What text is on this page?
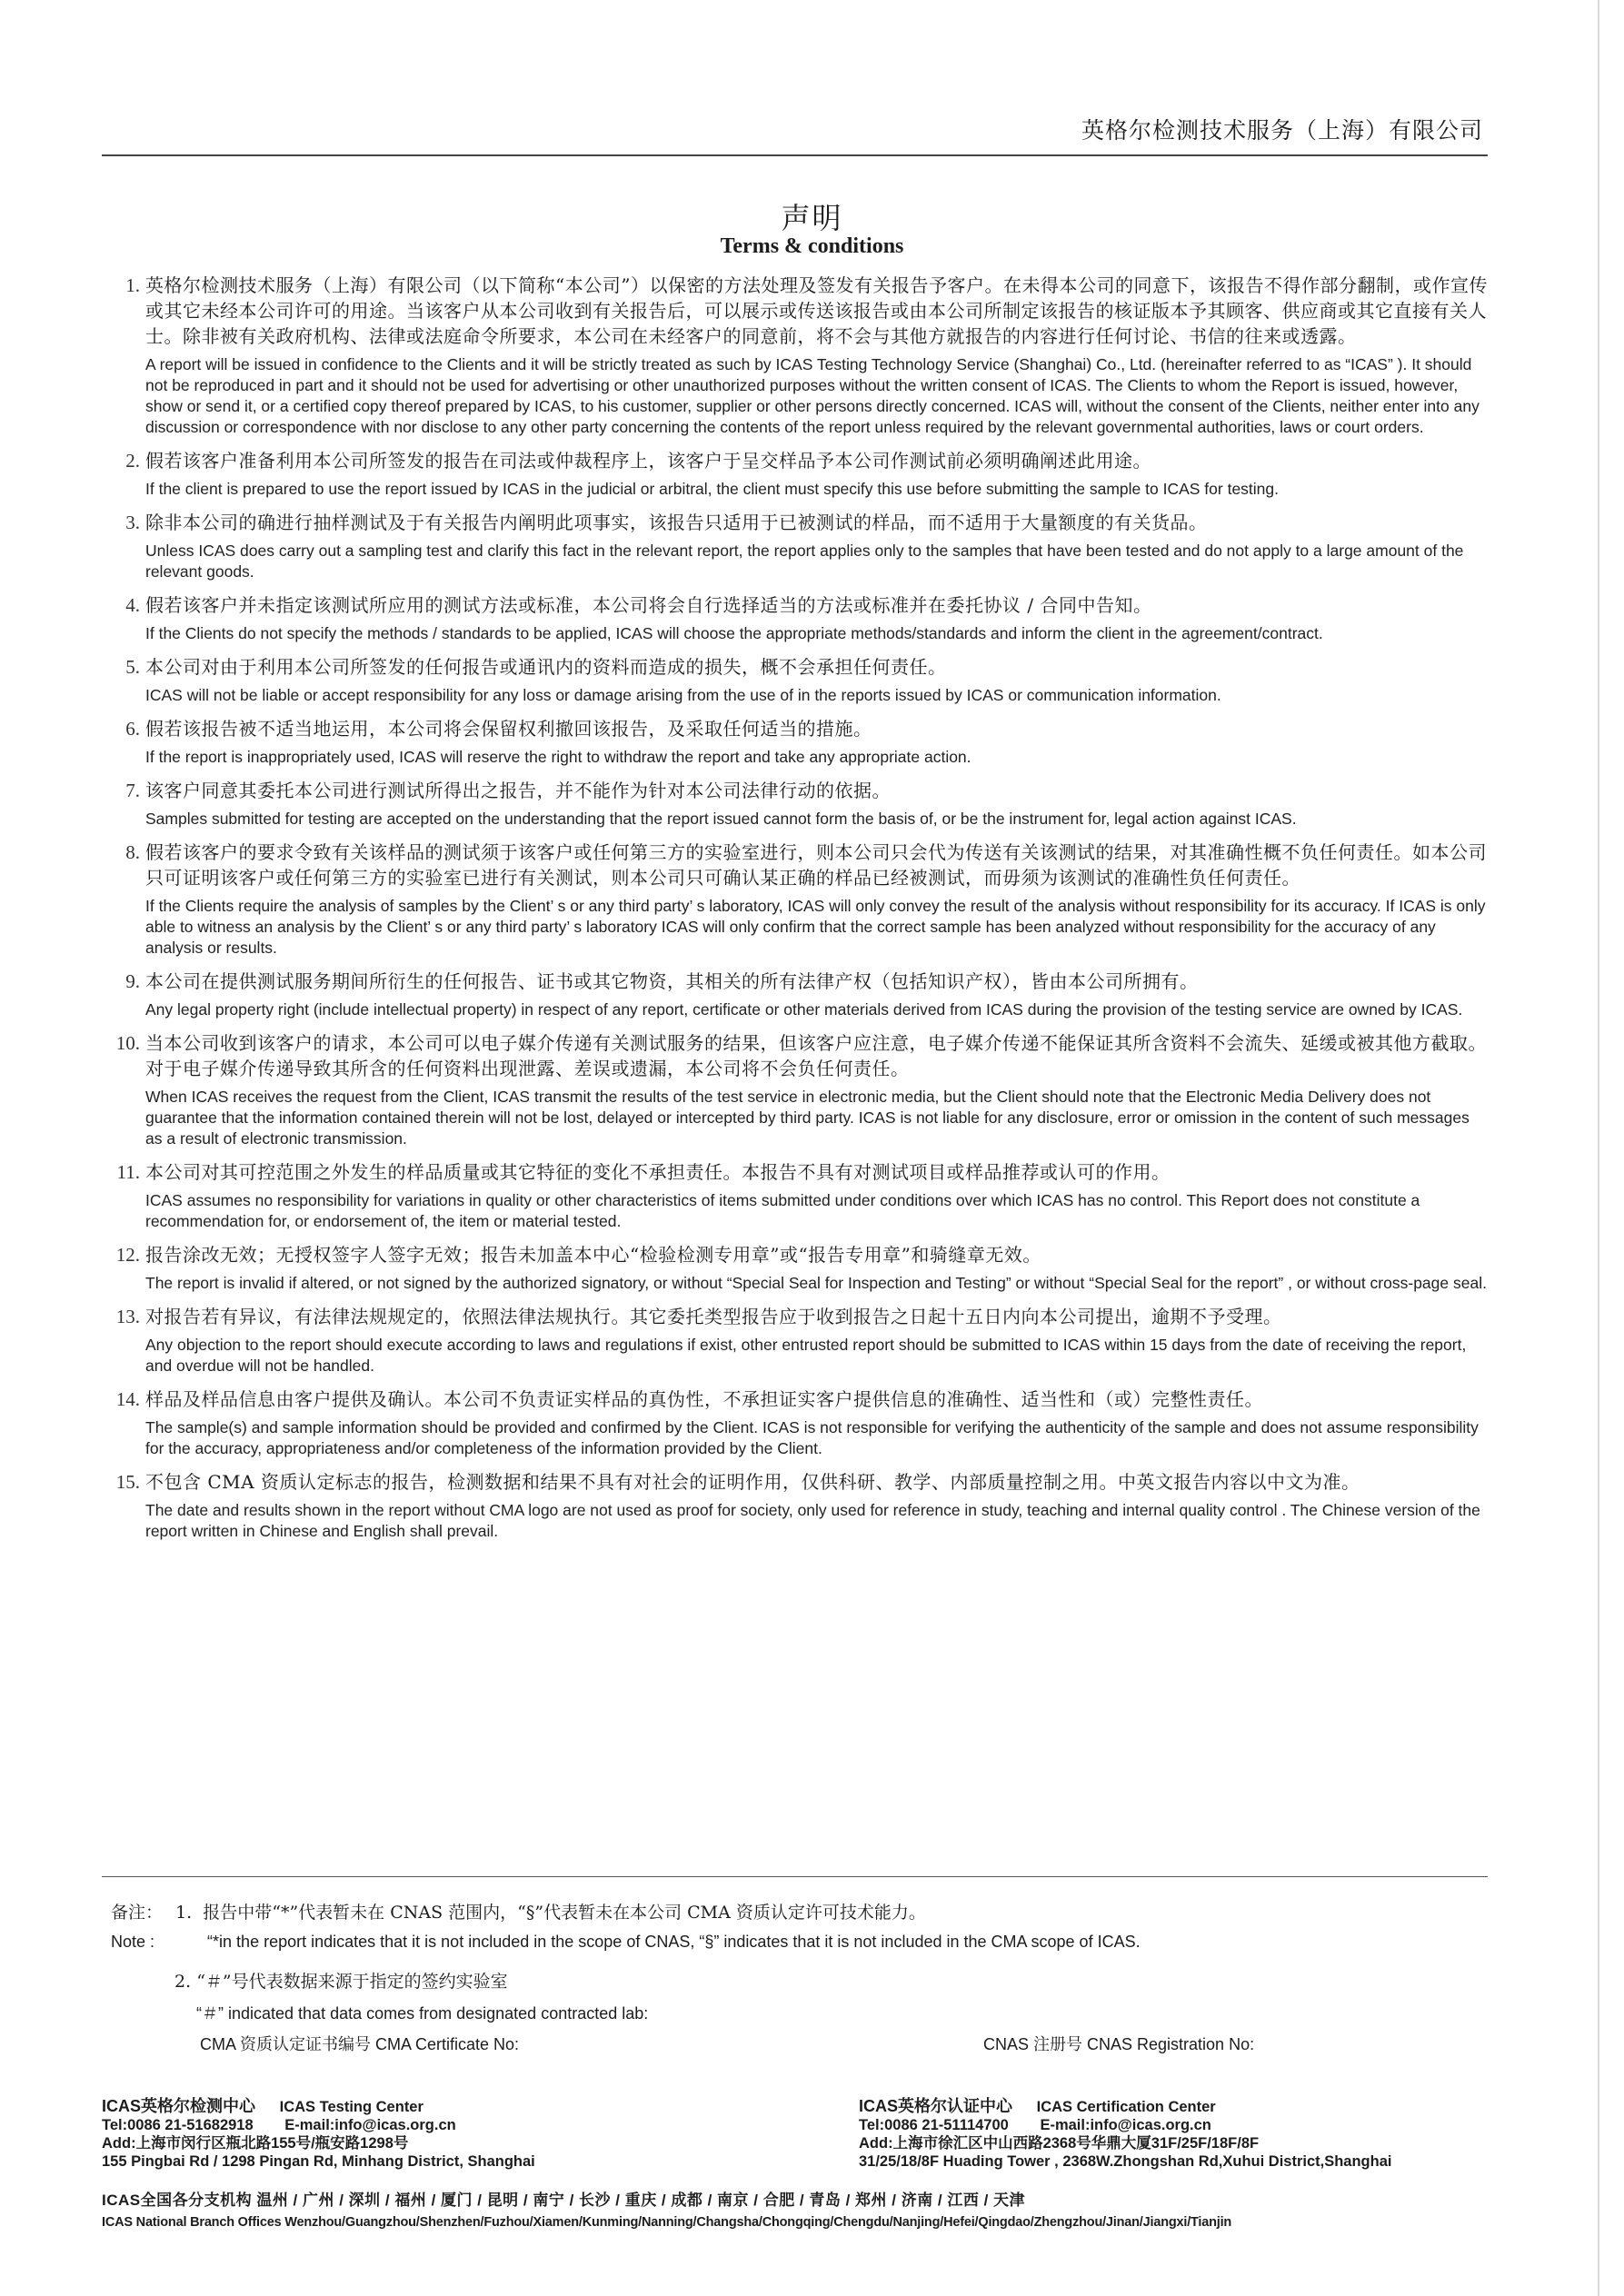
英格尔检测技术服务（上海）有限公司
声明
Terms & conditions
1. 英格尔检测技术服务（上海）有限公司（以下简称“本公司”）以保密的方法处理及签发有关报告予客户。在未得本公司的同意下，该报告不得作部分翻制，或作宣传或其它未经本公司许可的用途。当该客户从本公司收到有关报告后，可以展示或传送该报告或由本公司所制定该报告的核证版本予其顾客、供应商或其它直接有关人士。除非被有关政府机构、法律或法庭命令所要求，本公司在未经客户的同意前，将不会与其他方就报告的内容进行任何讨论、书信的往来或透露。
A report will be issued in confidence to the Clients and it will be strictly treated as such by ICAS Testing Technology Service (Shanghai) Co., Ltd. (hereinafter referred to as “ICAS” ). It should not be reproduced in part and it should not be used for advertising or other unauthorized purposes without the written consent of ICAS. The Clients to whom the Report is issued, however, show or send it, or a certified copy thereof prepared by ICAS, to his customer, supplier or other persons directly concerned. ICAS will, without the consent of the Clients, neither enter into any discussion or correspondence with nor disclose to any other party concerning the contents of the report unless required by the relevant governmental authorities, laws or court orders.
2. 假若该客户准备利用本公司所签发的报告在司法或仲裁程序上，该客户于呈交样品予本公司作测试前必须明确阐述此用途。
If the client is prepared to use the report issued by ICAS in the judicial or arbitral, the client must specify this use before submitting the sample to ICAS for testing.
3. 除非本公司的确进行抽样测试及于有关报告内阐明此项事实，该报告只适用于已被测试的样品，而不适用于大量额度的有关货品。
Unless ICAS does carry out a sampling test and clarify this fact in the relevant report, the report applies only to the samples that have been tested and do not apply to a large amount of the relevant goods.
4. 假若该客户并未指定该测试所应用的测试方法或标准，本公司将会自行选择适当的方法或标准并在委托协议 / 合同中告知。
If the Clients do not specify the methods / standards to be applied, ICAS will choose the appropriate methods/standards and inform the client in the agreement/contract.
5. 本公司对由于利用本公司所签发的任何报告或通讯内的资料而造成的损失，概不会承担任何责任。
ICAS will not be liable or accept responsibility for any loss or damage arising from the use of in the reports issued by ICAS or communication information.
6. 假若该报告被不适当地运用，本公司将会保留权利撤回该报告，及采取任何适当的措施。
If the report is inappropriately used, ICAS will reserve the right to withdraw the report and take any appropriate action.
7. 该客户同意其委托本公司进行测试所得出之报告，并不能作为针对本公司法律行动的依据。
Samples submitted for testing are accepted on the understanding that the report issued cannot form the basis of, or be the instrument for, legal action against ICAS.
8. 假若该客户的要求令致有关该样品的测试须于该客户或任何第三方的实验室进行，则本公司只会代为传送有关该测试的结果，对其准确性概不负任何责任。如本公司只可证明该客户或任何第三方的实验室已进行有关测试，则本公司只可确认某正确的样品已经被测试，而毋须为该测试的准确性负任何责任。
If the Clients require the analysis of samples by the Client’ s or any third party’ s laboratory, ICAS will only convey the result of the analysis without responsibility for its accuracy. If ICAS is only able to witness an analysis by the Client’ s or any third party’ s laboratory ICAS will only confirm that the correct sample has been analyzed without responsibility for the accuracy of any analysis or results.
9. 本公司在提供测试服务期间所衍生的任何报告、证书或其它物资，其相关的所有法律产权（包括知识产权），皆由本公司所拥有。
Any legal property right (include intellectual property) in respect of any report, certificate or other materials derived from ICAS during the provision of the testing service are owned by ICAS.
10. 当本公司收到该客户的请求，本公司可以电子媒介传递有关测试服务的结果，但该客户应注意，电子媒介传递不能保证其所含资料不会流失、延缓或被其他方截取。对于电子媒介传递导致其所含的任何资料出现泄露、差误或遗漏，本公司将不会负任何责任。
When ICAS receives the request from the Client, ICAS transmit the results of the test service in electronic media, but the Client should note that the Electronic Media Delivery does not guarantee that the information contained therein will not be lost, delayed or intercepted by third party. ICAS is not liable for any disclosure, error or omission in the content of such messages as a result of electronic transmission.
11. 本公司对其可控范围之外发生的样品质量或其它特征的变化不承担责任。本报告不具有对测试项目或样品推荐或认可的作用。
ICAS assumes no responsibility for variations in quality or other characteristics of items submitted under conditions over which ICAS has no control. This Report does not constitute a recommendation for, or endorsement of, the item or material tested.
12. 报告涂改无效；无授权签字人签字无效；报告未加盖本中心“检验检测专用章”或“报告专用章”和骑缝章无效。
The report is invalid if altered, or not signed by the authorized signatory, or without “Special Seal for Inspection and Testing” or without “Special Seal for the report” , or without cross-page seal.
13. 对报告若有异议，有法律法规规定的，依照法律法规执行。其它委托类型报告应于收到报告之日起十五日内向本公司提出，逾期不予受理。
Any objection to the report should execute according to laws and regulations if exist, other entrusted report should be submitted to ICAS within 15 days from the date of receiving the report, and overdue will not be handled.
14. 样品及样品信息由客户提供及确认。本公司不负责证实样品的真伪性，不承担证实客户提供信息的准确性、适当性和（或）完整性责任。
The sample(s) and sample information should be provided and confirmed by the Client. ICAS is not responsible for verifying the authenticity of the sample and does not assume responsibility for the accuracy, appropriateness and/or completeness of the information provided by the Client.
15. 不包含 CMA 资质认定标志的报告，检测数据和结果不具有对社会的证明作用，仅供科研、教学、内部质量控制之用。中英文报告内容以中文为准。
The date and results shown in the report without CMA logo are not used as proof for society, only used for reference in study, teaching and internal quality control . The Chinese version of the report written in Chinese and English shall prevail.
备注： 1. 报告中带“*”代表暂未在 CNAS 范围内，“§”代表暂未在本公司 CMA 资质认定许可技术能力。
Note :	“*in the report indicates that it is not included in the scope of CNAS, “§” indicates that it is not included in the CMA scope of ICAS.
2. “＃”号代表数据来源于指定的签约实验室
“＃” indicated that data comes from designated contracted lab:
CMA 资质认定证书编号 CMA Certificate No:	CNAS 注册号 CNAS Registration No:
ICAS英格尔检测中心 ICAS Testing Center
Tel:0086 21-51682918 E-mail:info@icas.org.cn
Add:上海市闵行区瓶北路155号/瓶安路1298号
155 Pingbai Rd / 1298 Pingan Rd, Minhang District, Shanghai
ICAS英格尔认证中心 ICAS Certification Center
Tel:0086 21-51114700 E-mail:info@icas.org.cn
Add:上海市徐汇区中山西路2368号华鼎大厦31F/25F/18F/8F
31/25/18/8F Huading Tower , 2368W.Zhongshan Rd,Xuhui District,Shanghai
ICAS全国各分支机构 温州 / 广州 / 深圳 / 福州 / 厦门 / 昆明 / 南宁 / 长沙 / 重庆 / 成都 / 南京 / 合肥 / 青岛 / 郑州 / 济南 / 江西 / 天津
ICAS National Branch Offices Wenzhou/Guangzhou/Shenzhen/Fuzhou/Xiamen/Kunming/Nanning/Changsha/Chongqing/Chengdu/Nanjing/Hefei/Qingdao/Zhengzhou/Jinan/Jiangxi/Tianjin
